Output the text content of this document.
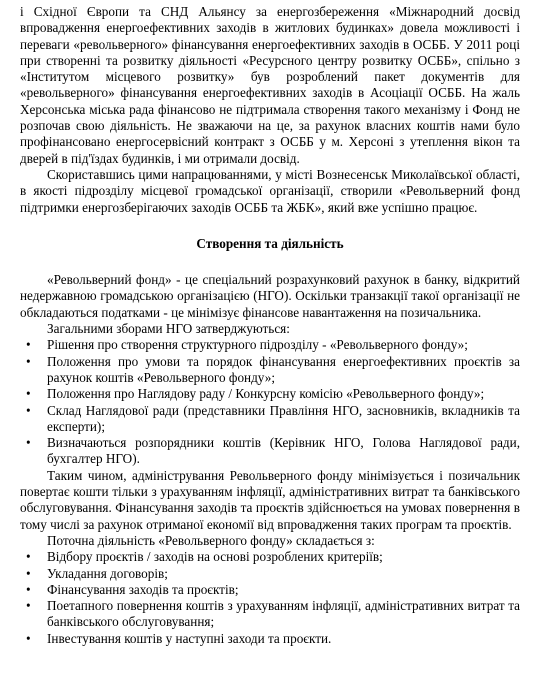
і Східної Європи та СНД Альянсу за енергозбереження «Міжнародний досвід впровадження енергоефективних заходів в житлових будинках» довела можливості і переваги «револьверного» фінансування енергоефективних заходів в ОСББ. У 2011 році при створенні та розвитку діяльності «Ресурсного центру розвитку ОСББ», спільно з «Інститутом місцевого розвитку» був розроблений пакет документів для «револьверного» фінансування енергоефективних заходів в Асоціації ОСББ. На жаль Херсонська міська рада фінансово не підтримала створення такого механізму і Фонд не розпочав свою діяльність. Не зважаючи на це, за рахунок власних коштів нами було профінансовано енергосервісний контракт з ОСББ у м. Херсоні з утеплення вікон та дверей в під'їздах будинків, і ми отримали досвід.

Скориставшись цими напрацюваннями, у місті Вознесенськ Миколаївської області, в якості підрозділу місцевої громадської організації, створили «Револьверний фонд підтримки енергозберігаючих заходів ОСББ та ЖБК», який вже успішно працює.

Створення та діяльність

«Револьверний фонд» - це спеціальний розрахунковий рахунок в банку, відкритий недержавною громадською організацією (НГО). Оскільки транзакції такої організації не обкладаються податками - це мінімізує фінансове навантаження на позичальника.

Загальними зборами НГО затверджуються:

• Рішення про створення структурного підрозділу - «Револьверного фонду»;
• Положення про умови та порядок фінансування енергоефективних проєктів за рахунок коштів «Револьверного фонду»;
• Положення про Наглядову раду / Конкурсну комісію «Револьверного фонду»;
• Склад Наглядової ради (представники Правління НГО, засновників, вкладників та експерти);
• Визначаються розпорядники коштів (Керівник НГО, Голова Наглядової ради, бухгалтер НГО).

Таким чином, адміністрування Револьверного фонду мінімізується і позичальник повертає кошти тільки з урахуванням інфляції, адміністративних витрат та банківського обслуговування. Фінансування заходів та проєктів здійснюється на умовах повернення в тому числі за рахунок отриманої економії від впровадження таких програм та проєктів.

Поточна діяльність «Револьверного фонду» складається з:

• Відбору проєктів / заходів на основі розроблених критеріїв;
• Укладання договорів;
• Фінансування заходів та проєктів;
• Поетапного повернення коштів з урахуванням інфляції, адміністративних витрат та банківського обслуговування;
• Інвестування коштів у наступні заходи та проєкти.
